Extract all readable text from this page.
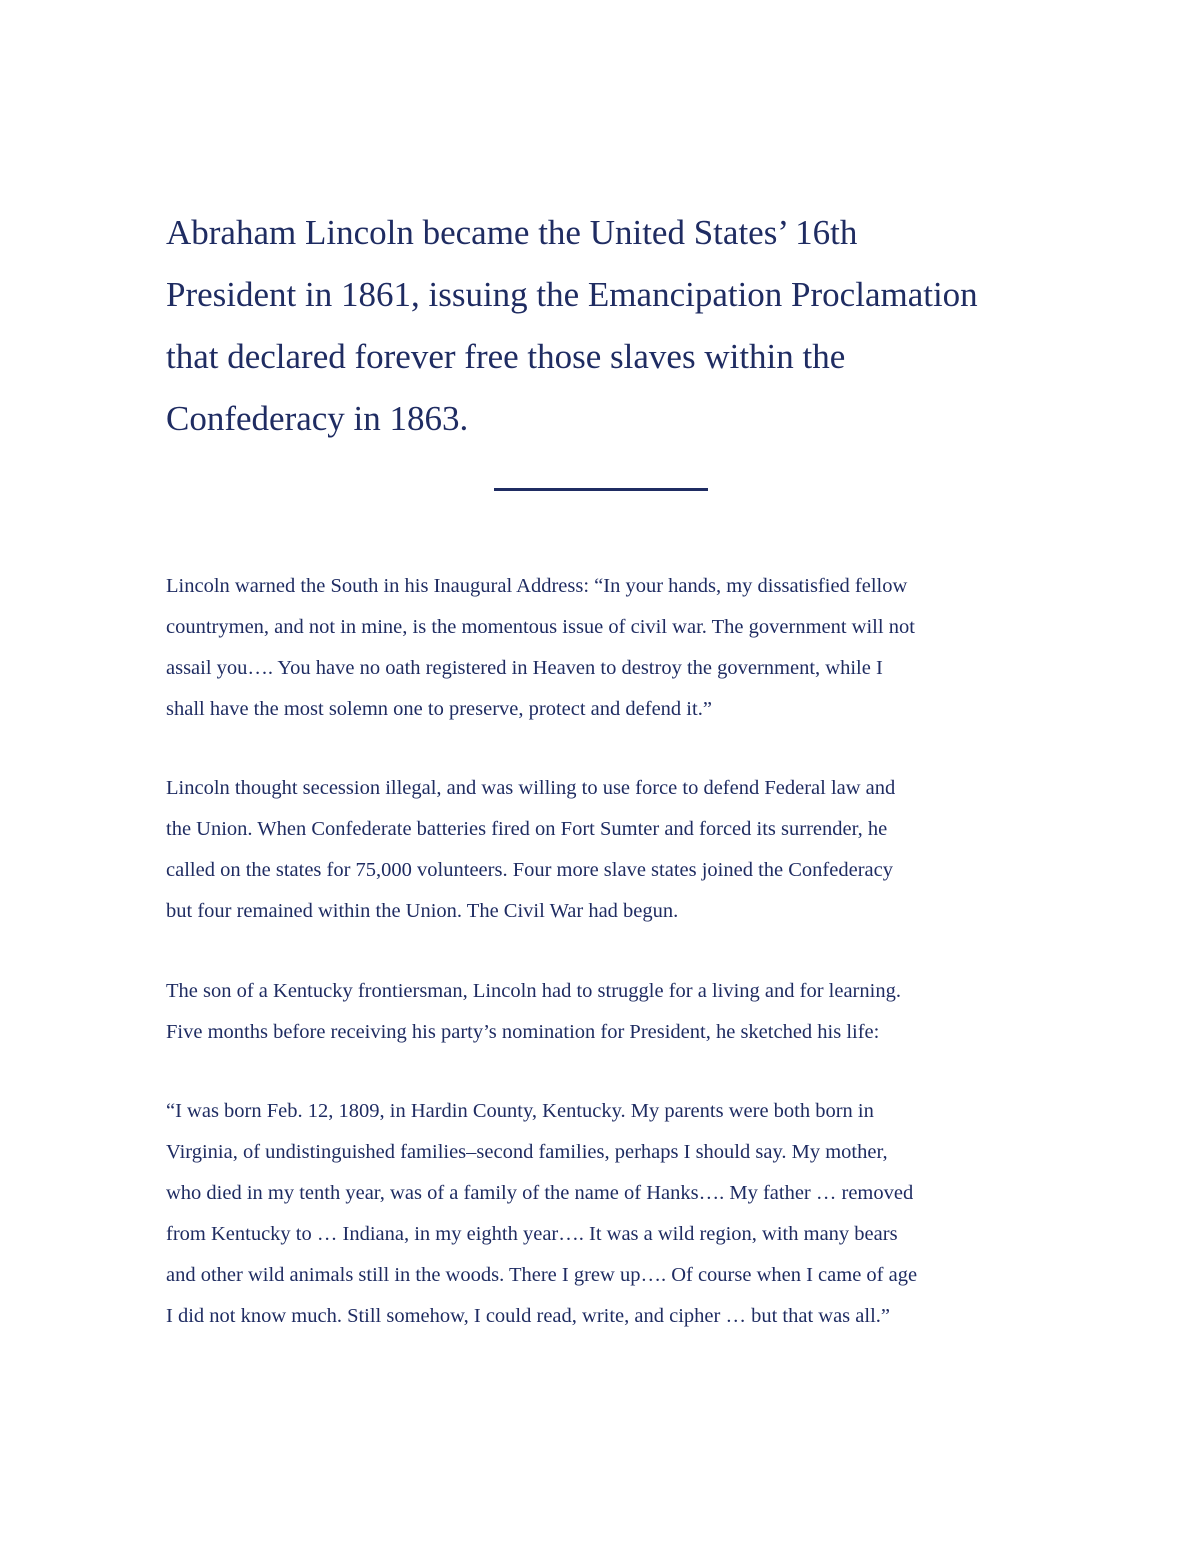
Abraham Lincoln became the United States’ 16th
President in 1861, issuing the Emancipation Proclamation
that declared forever free those slaves within the
Confederacy in 1863.

Lincoln warned the South in his Inaugural Address: “In your hands, my dissatisfied fellow
countrymen, and not in mine, is the momentous issue of civil war. The government will not
assail you…. You have no oath registered in Heaven to destroy the government, while I
shall have the most solemn one to preserve, protect and defend it.”

Lincoln thought secession illegal, and was willing to use force to defend Federal law and
the Union. When Confederate batteries fired on Fort Sumter and forced its surrender, he
called on the states for 75,000 volunteers. Four more slave states joined the Confederacy
but four remained within the Union. The Civil War had begun.

The son of a Kentucky frontiersman, Lincoln had to struggle for a living and for learning.
Five months before receiving his party’s nomination for President, he sketched his life:

“I was born Feb. 12, 1809, in Hardin County, Kentucky. My parents were both born in
Virginia, of undistinguished families–second families, perhaps I should say. My mother,
who died in my tenth year, was of a family of the name of Hanks…. My father … removed
from Kentucky to … Indiana, in my eighth year…. It was a wild region, with many bears
and other wild animals still in the woods. There I grew up…. Of course when I came of age
I did not know much. Still somehow, I could read, write, and cipher … but that was all.”
